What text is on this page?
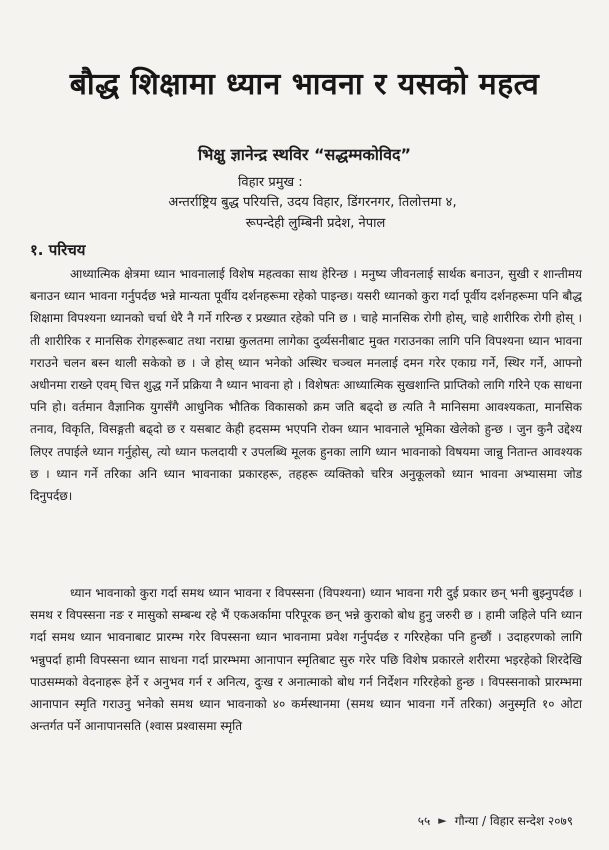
बौद्ध शिक्षामा ध्यान भावना र यसको महत्व
भिक्षु ज्ञानेन्द्र स्थविर “सद्धम्मकोविद”
विहार प्रमुख :
अन्तर्राष्ट्रिय बुद्ध परियत्ति, उदय विहार, डिंगरनगर, तिलोत्तमा ४,
रूपन्देही लुम्बिनी प्रदेश, नेपाल
१. परिचय

आध्यात्मिक क्षेत्रमा ध्यान भावनालाई विशेष महत्वका साथ हेरिन्छ । मनुष्य जीवनलाई सार्थक बनाउन, सुखी र शान्तीमय बनाउन ध्यान भावना गर्नुपर्दछ भन्ने मान्यता पूर्वीय दर्शनहरूमा रहेको पाइन्छ। यसरी ध्यानको कुरा गर्दा पूर्वीय दर्शनहरूमा पनि बौद्ध शिक्षामा विपश्यना ध्यानको चर्चा धेरै नै गर्ने गरिन्छ र प्रख्यात रहेको पनि छ । चाहे मानसिक रोगी होस्, चाहे शारीरिक रोगी होस् । ती शारीरिक र मानसिक रोगहरूबाट तथा नराम्रा कुलतमा लागेका दुर्व्यसनीबाट मुक्त गराउनका लागि पनि विपश्यना ध्यान भावना गराउने चलन बस्न थाली सकेको छ । जे होस् ध्यान भनेको अस्थिर चञ्चल मनलाई दमन गरेर एकाग्र गर्ने, स्थिर गर्ने, आफ्नो अधीनमा राख्ने एवम् चित्त शुद्ध गर्ने प्रक्रिया नै ध्यान भावना हो । विशेषतः आध्यात्मिक सुखशान्ति प्राप्तिको लागि गरिने एक साधना पनि हो। वर्तमान वैज्ञानिक युगसँगै आधुनिक भौतिक विकासको क्रम जति बढ्दो छ त्यति नै मानिसमा आवश्यकता, मानसिक तनाव, विकृति, विसङ्गती बढ्दो छ र यसबाट केही हदसम्म भएपनि रोक्न ध्यान भावनाले भूमिका खेलेको हुन्छ । जुन कुनै उद्देश्य लिएर तपाईले ध्यान गर्नुहोस्, त्यो ध्यान फलदायी र उपलब्धि मूलक हुनका लागि ध्यान भावनाको विषयमा जान्नु नितान्त आवश्यक छ । ध्यान गर्ने तरिका अनि ध्यान भावनाका प्रकारहरू, तहहरू व्यक्तिको चरित्र अनुकूलको ध्यान भावना अभ्यासमा जोड दिनुपर्दछ।

ध्यान भावनाको कुरा गर्दा समथ ध्यान भावना र विपस्सना (विपश्यना) ध्यान भावना गरी दुई प्रकार छन् भनी बुझ्नुपर्दछ । समथ र विपस्सना नङ र मासुको सम्बन्ध रहे भैं एकअर्कामा परिपूरक छन् भन्ने कुराको बोध हुनु जरुरी छ । हामी जहिले पनि ध्यान गर्दा समथ ध्यान भावनाबाट प्रारम्भ गरेर विपस्सना ध्यान भावनामा प्रवेश गर्नुपर्दछ र गरिरहेका पनि हुन्छौं । उदाहरणको लागि भन्नुपर्दा हामी विपस्सना ध्यान साधना गर्दा प्रारम्भमा आनापान स्मृतिबाट सुरु गरेर पछि विशेष प्रकारले शरीरमा भइरहेको शिरदेखि पाउसम्मको वेदनाहरू हेर्ने र अनुभव गर्न र अनित्य, दुःख र अनात्माको बोध गर्न निर्देशन गरिरहेको हुन्छ । विपस्सनाको प्रारम्भमा आनापान स्मृति गराउनु भनेको समथ ध्यान भावनाको ४० कर्मस्थानमा (समथ ध्यान भावना गर्ने तरिका) अनुस्मृति १० ओटा अन्तर्गत पर्ने आनापानसति (श्वास प्रश्वासमा स्मृति

५५ ► गौन्या / विहार सन्देश २०७९
